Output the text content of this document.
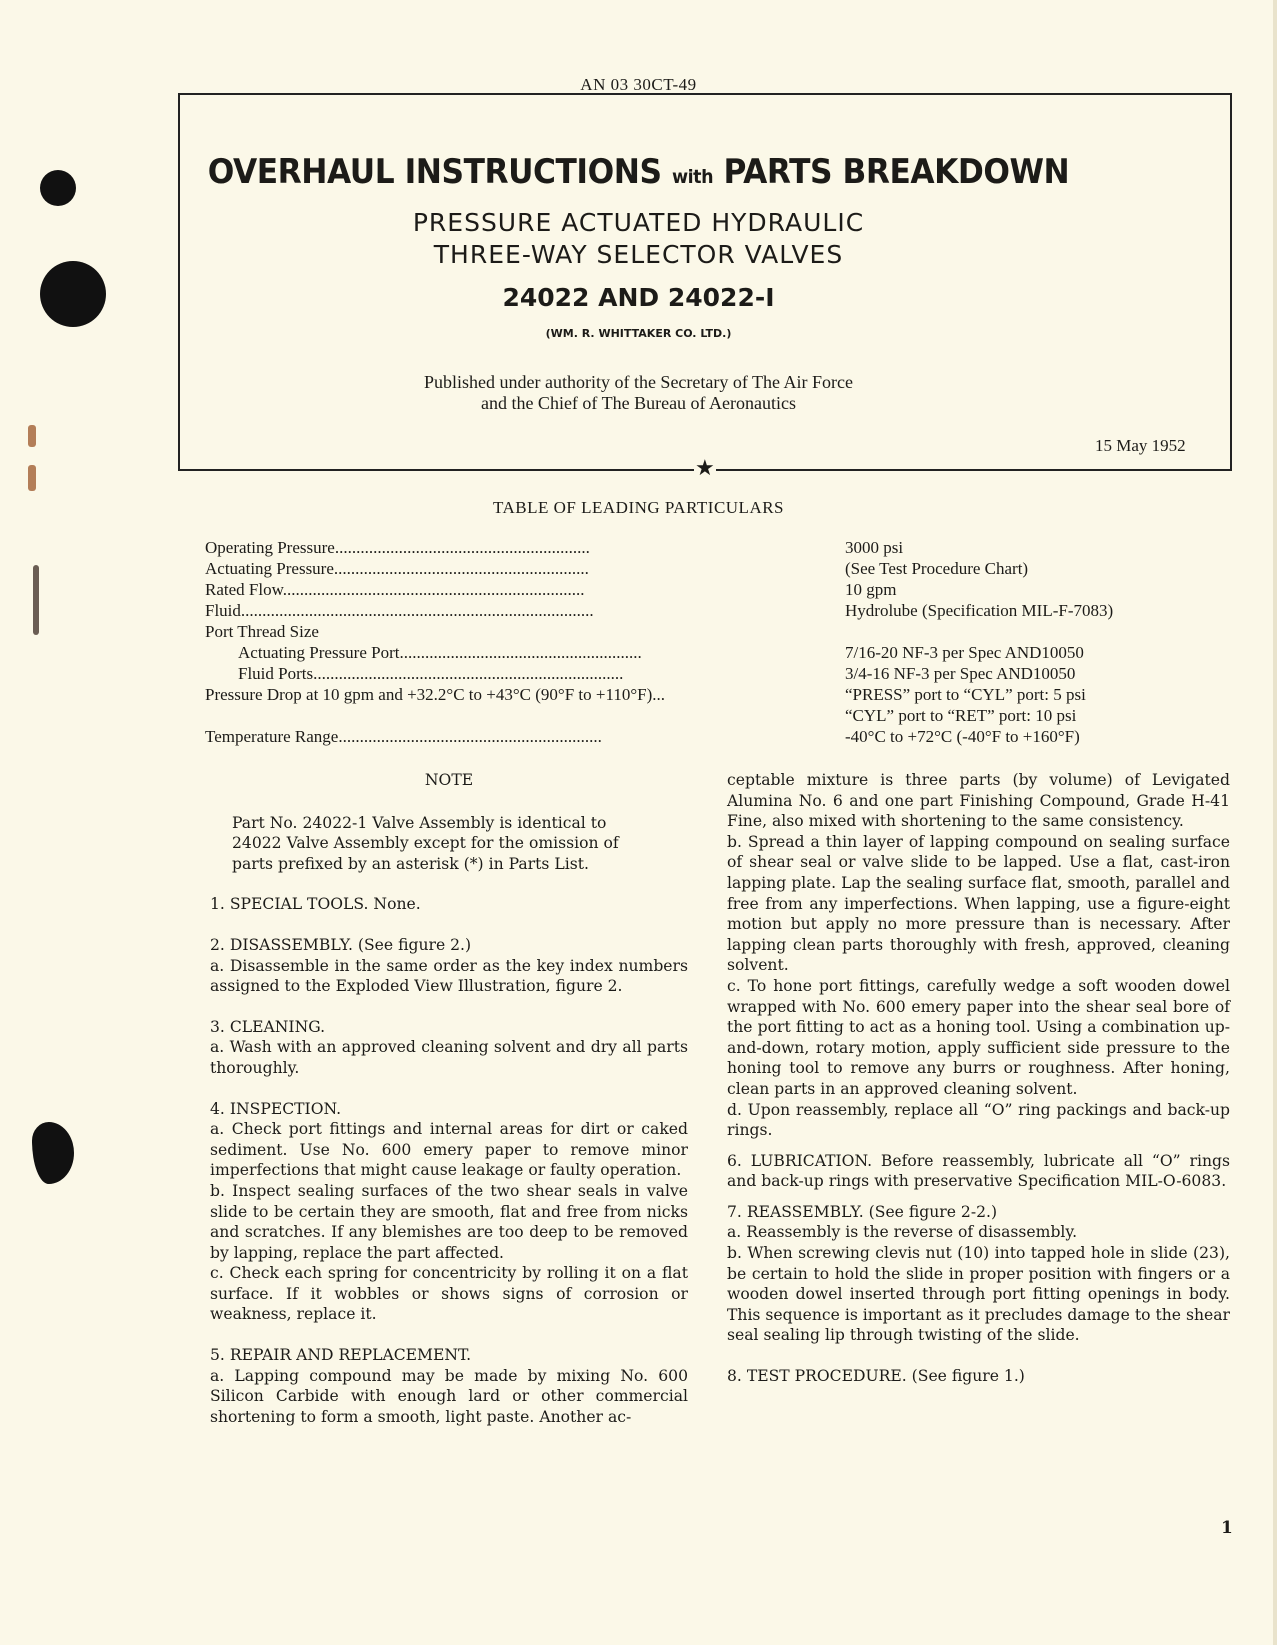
AN 03 30CT-49
★
OVERHAUL INSTRUCTIONS with PARTS BREAKDOWN
PRESSURE ACTUATED HYDRAULIC
THREE-WAY SELECTOR VALVES
24022 AND 24022-I
(WM. R. WHITTAKER CO. LTD.)
Published under authority of the Secretary of The Air Force
and the Chief of The Bureau of Aeronautics
15 May 1952
TABLE OF LEADING PARTICULARS
Operating Pressure............................................................	3000 psi
Actuating Pressure............................................................	(See Test Procedure Chart)
Rated Flow.......................................................................	10 gpm
Fluid...................................................................................	Hydrolube (Specification MIL-F-7083)
Port Thread Size
Actuating Pressure Port.........................................................	7/16-20 NF-3 per Spec AND10050
Fluid Ports.........................................................................	3/4-16 NF-3 per Spec AND10050
Pressure Drop at 10 gpm and +32.2°C to +43°C (90°F to +110°F)...	“PRESS” port to “CYL” port: 5 psi
“CYL” port to “RET” port: 10 psi
Temperature Range..............................................................	-40°C to +72°C (-40°F to +160°F)

NOTE

Part No. 24022-1 Valve Assembly is identical to 24022 Valve Assembly except for the omission of parts prefixed by an asterisk (*) in Parts List.

1. SPECIAL TOOLS. None.

2. DISASSEMBLY. (See figure 2.)

a. Disassemble in the same order as the key index numbers assigned to the Exploded View Illustration, figure 2.

3. CLEANING.

a. Wash with an approved cleaning solvent and dry all parts thoroughly.

4. INSPECTION.

a. Check port fittings and internal areas for dirt or caked sediment. Use No. 600 emery paper to remove minor imperfections that might cause leakage or faulty operation.

b. Inspect sealing surfaces of the two shear seals in valve slide to be certain they are smooth, flat and free from nicks and scratches. If any blemishes are too deep to be removed by lapping, replace the part affected.

c. Check each spring for concentricity by rolling it on a flat surface. If it wobbles or shows signs of corrosion or weakness, replace it.

5. REPAIR AND REPLACEMENT.

a. Lapping compound may be made by mixing No. 600 Silicon Carbide with enough lard or other commercial shortening to form a smooth, light paste. Another ac-

ceptable mixture is three parts (by volume) of Levigated Alumina No. 6 and one part Finishing Compound, Grade H-41 Fine, also mixed with shortening to the same consistency.

b. Spread a thin layer of lapping compound on sealing surface of shear seal or valve slide to be lapped. Use a flat, cast-iron lapping plate. Lap the sealing surface flat, smooth, parallel and free from any imperfections. When lapping, use a figure-eight motion but apply no more pressure than is necessary. After lapping clean parts thoroughly with fresh, approved, cleaning solvent.

c. To hone port fittings, carefully wedge a soft wooden dowel wrapped with No. 600 emery paper into the shear seal bore of the port fitting to act as a honing tool. Using a combination up-and-down, rotary motion, apply sufficient side pressure to the honing tool to remove any burrs or roughness. After honing, clean parts in an approved cleaning solvent.

d. Upon reassembly, replace all “O” ring packings and back-up rings.

6. LUBRICATION. Before reassembly, lubricate all “O” rings and back-up rings with preservative Specification MIL-O-6083.

7. REASSEMBLY. (See figure 2-2.)

a. Reassembly is the reverse of disassembly.

b. When screwing clevis nut (10) into tapped hole in slide (23), be certain to hold the slide in proper position with fingers or a wooden dowel inserted through port fitting openings in body. This sequence is important as it precludes damage to the shear seal sealing lip through twisting of the slide.

8. TEST PROCEDURE. (See figure 1.)

1
